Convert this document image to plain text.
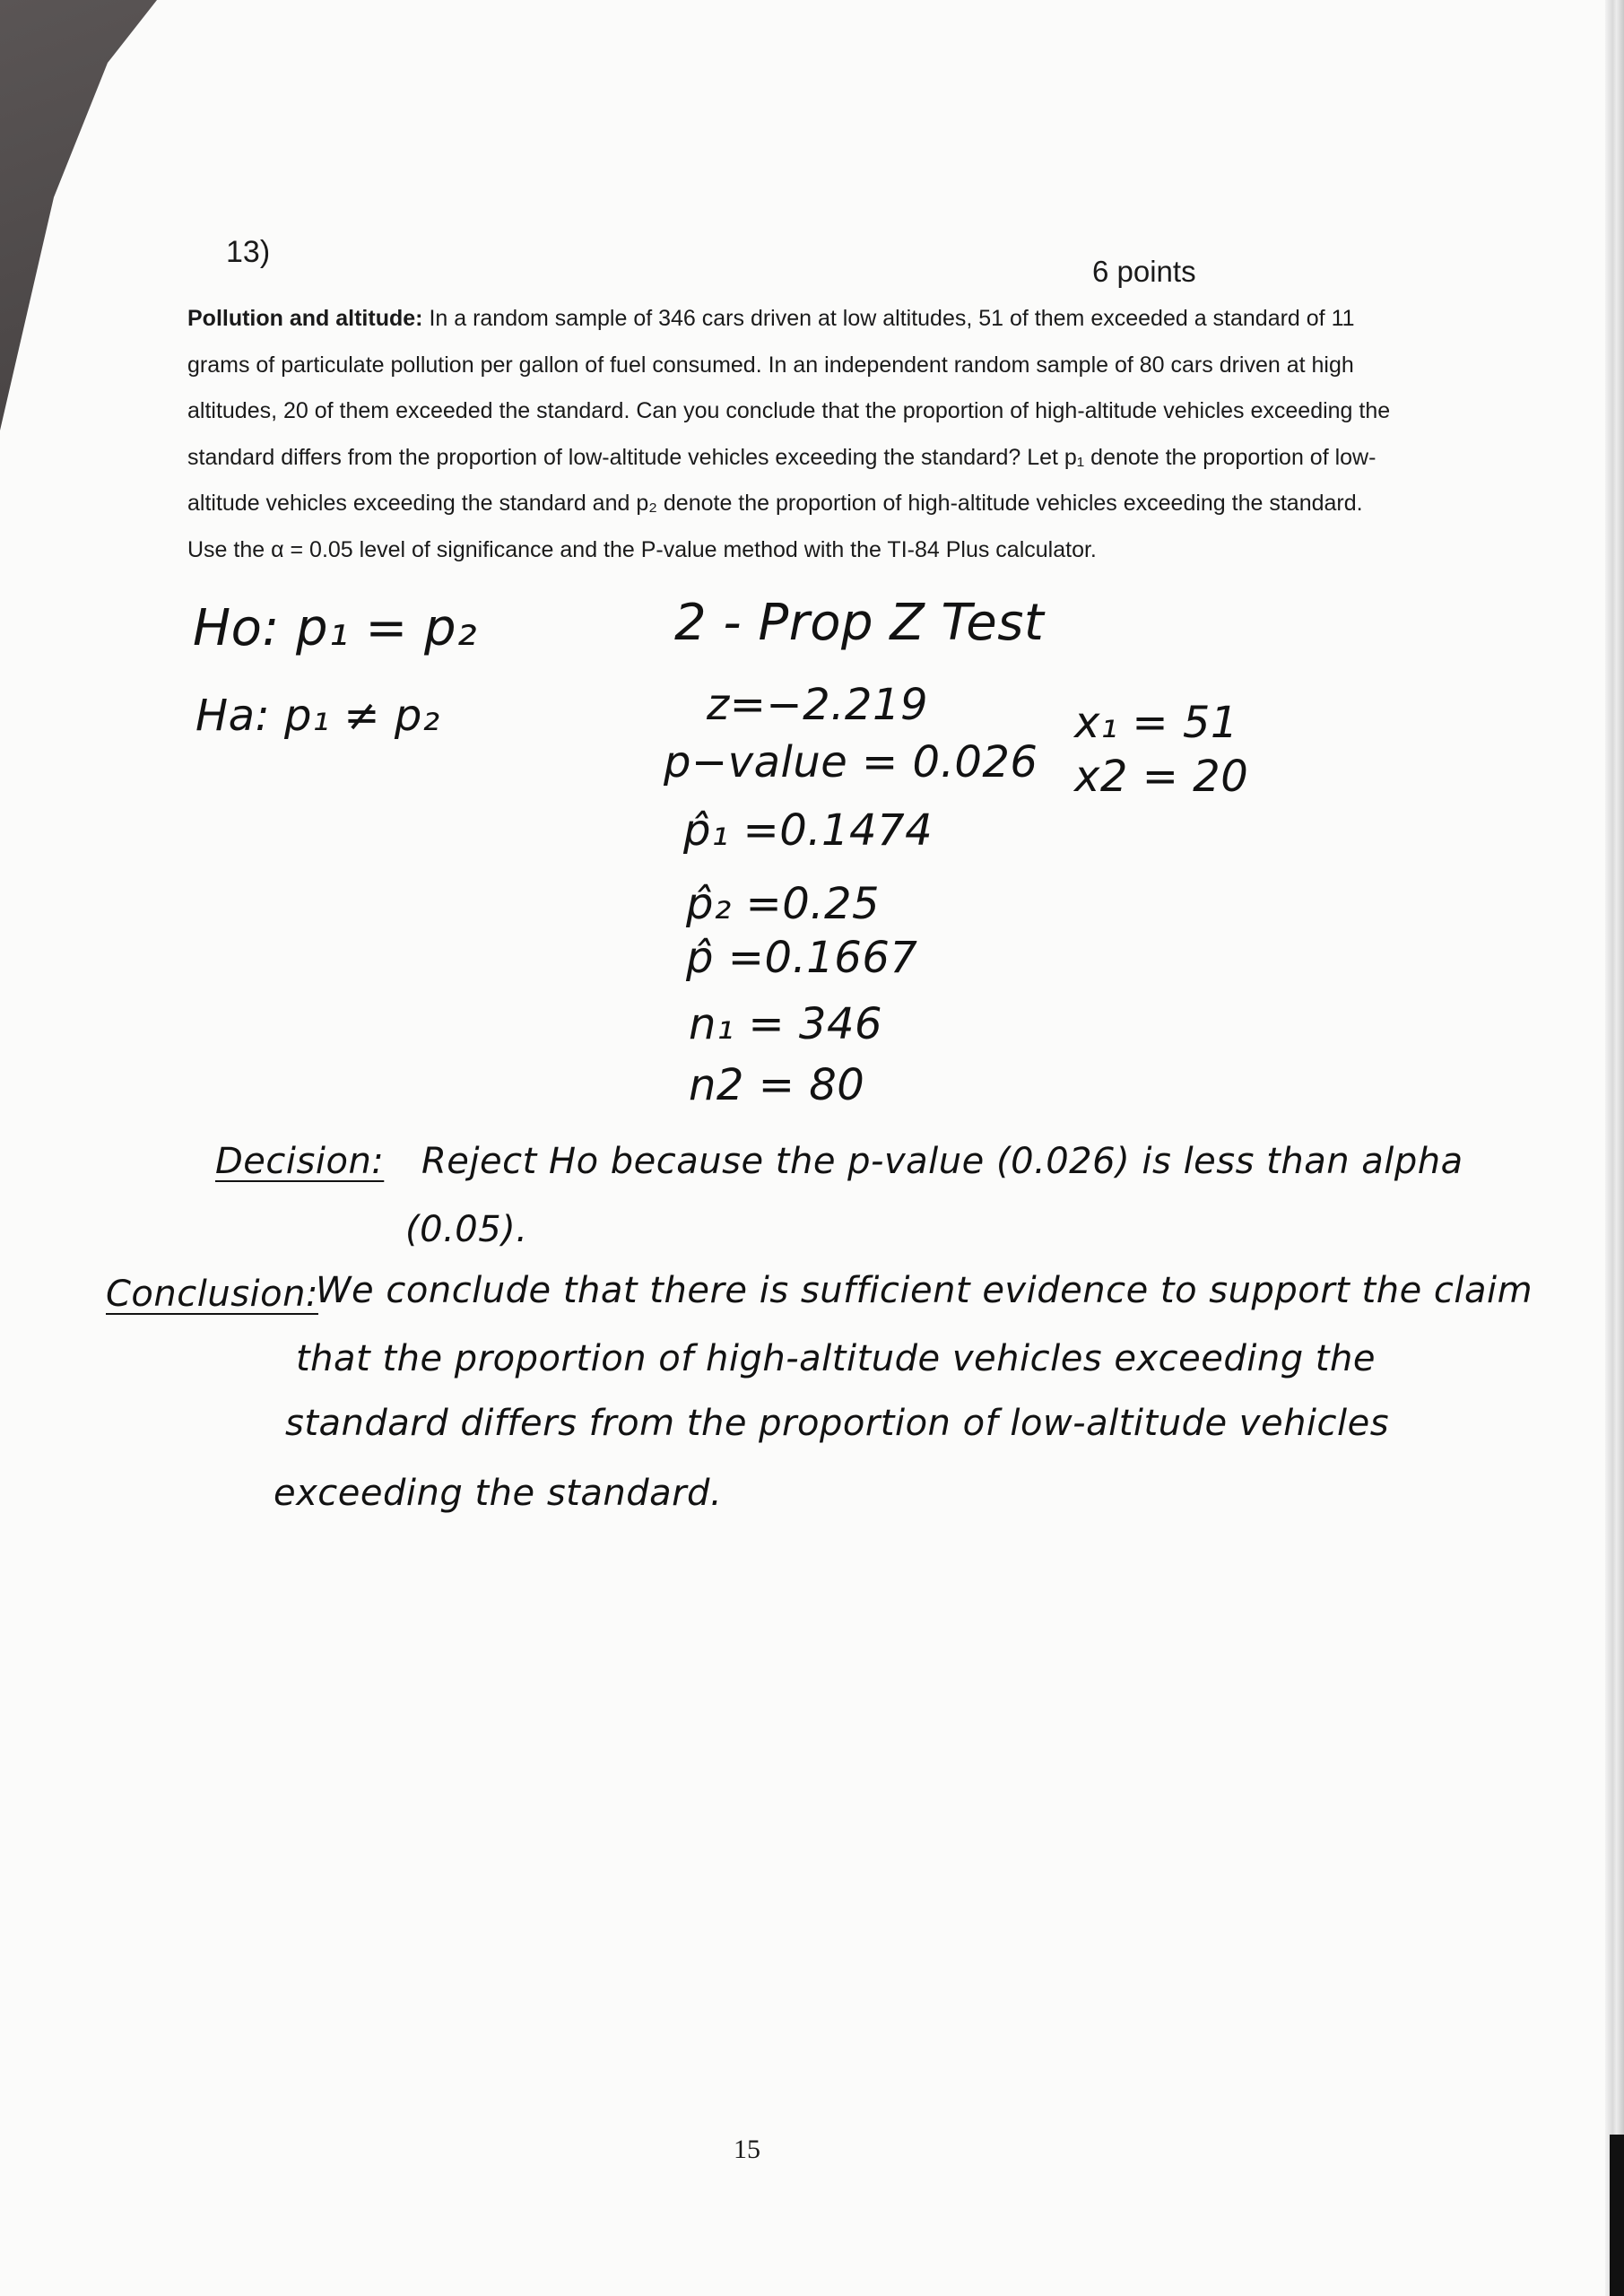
13)
6 points

Pollution and altitude: In a random sample of 346 cars driven at low altitudes, 51 of them exceeded a standard of 11 grams of particulate pollution per gallon of fuel consumed. In an independent random sample of 80 cars driven at high altitudes, 20 of them exceeded the standard. Can you conclude that the proportion of high-altitude vehicles exceeding the standard differs from the proportion of low-altitude vehicles exceeding the standard? Let p₁ denote the proportion of low-altitude vehicles exceeding the standard and p₂ denote the proportion of high-altitude vehicles exceeding the standard. Use the α = 0.05 level of significance and the P-value method with the TI-84 Plus calculator.

Ho: p₁ = p₂
Ha: p₁ ≠ p₂
2 - Prop Z Test
z=−2.219
p−value = 0.026
p̂₁ =0.1474
p̂₂ =0.25
p̂ =0.1667
n₁ = 346
n2 = 80
x₁ = 51
x2 = 20
Decision: Reject Ho because the p-value (0.026) is less than alpha
(0.05).
Conclusion:
We conclude that there is sufficient evidence to support the claim
that the proportion of high-altitude vehicles exceeding the
standard differs from the proportion of low-altitude vehicles
exceeding the standard.
15
